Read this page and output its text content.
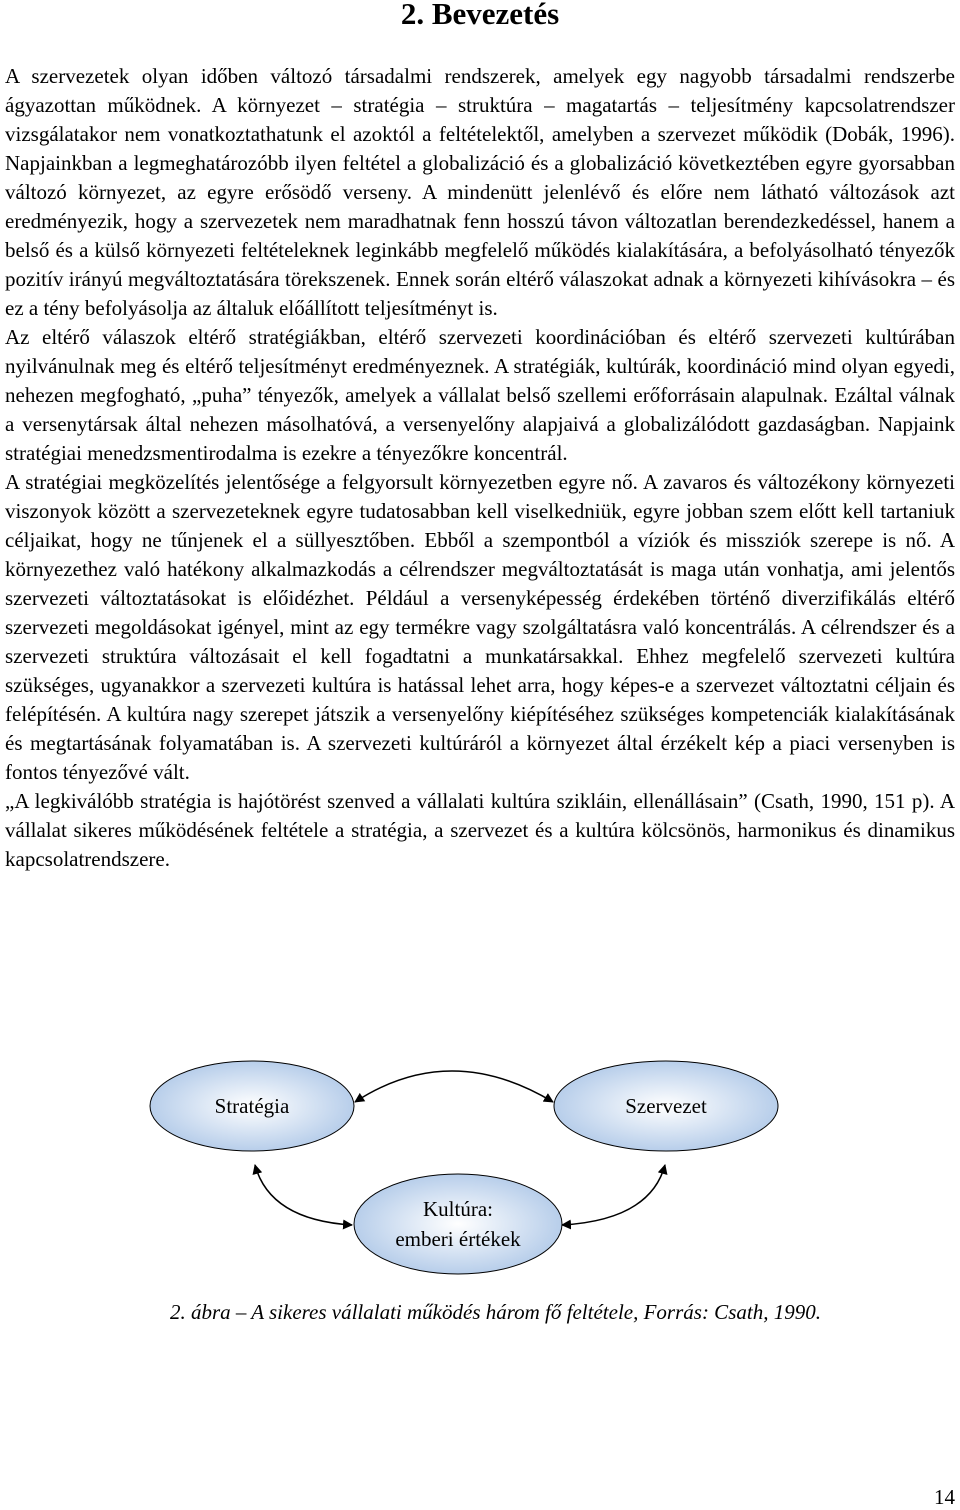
2. Bevezetés

A szervezetek olyan időben változó társadalmi rendszerek, amelyek egy nagyobb társadalmi rendszerbe ágyazottan működnek. A környezet – stratégia – struktúra – magatartás – teljesítmény kapcsolatrendszer vizsgálatakor nem vonatkoztathatunk el azoktól a feltételektől, amelyben a szervezet működik (Dobák, 1996). Napjainkban a legmeghatározóbb ilyen feltétel a globalizáció és a globalizáció következtében egyre gyorsabban változó környezet, az egyre erősödő verseny. A mindenütt jelenlévő és előre nem látható változások azt eredményezik, hogy a szervezetek nem maradhatnak fenn hosszú távon változatlan berendezkedéssel, hanem a belső és a külső környezeti feltételeknek leginkább megfelelő működés kialakítására, a befolyásolható tényezők pozitív irányú megváltoztatására törekszenek. Ennek során eltérő válaszokat adnak a környezeti kihívásokra – és ez a tény befolyásolja az általuk előállított teljesítményt is.

Az eltérő válaszok eltérő stratégiákban, eltérő szervezeti koordinációban és eltérő szervezeti kultúrában nyilvánulnak meg és eltérő teljesítményt eredményeznek. A stratégiák, kultúrák, koordináció mind olyan egyedi, nehezen megfogható, „puha” tényezők, amelyek a vállalat belső szellemi erőforrásain alapulnak. Ezáltal válnak a versenytársak által nehezen másolhatóvá, a versenyelőny alapjaivá a globalizálódott gazdaságban. Napjaink stratégiai menedzsmentirodalma is ezekre a tényezőkre koncentrál.

A stratégiai megközelítés jelentősége a felgyorsult környezetben egyre nő. A zavaros és változékony környezeti viszonyok között a szervezeteknek egyre tudatosabban kell viselkedniük, egyre jobban szem előtt kell tartaniuk céljaikat, hogy ne tűnjenek el a süllyesztőben. Ebből a szempontból a víziók és missziók szerepe is nő. A környezethez való hatékony alkalmazkodás a célrendszer megváltoztatását is maga után vonhatja, ami jelentős szervezeti változtatásokat is előidézhet. Például a versenyképesség érdekében történő diverzifikálás eltérő szervezeti megoldásokat igényel, mint az egy termékre vagy szolgáltatásra való koncentrálás. A célrendszer és a szervezeti struktúra változásait el kell fogadtatni a munkatársakkal. Ehhez megfelelő szervezeti kultúra szükséges, ugyanakkor a szervezeti kultúra is hatással lehet arra, hogy képes-e a szervezet változtatni céljain és felépítésén. A kultúra nagy szerepet játszik a versenyelőny kiépítéséhez szükséges kompetenciák kialakításának és megtartásának folyamatában is. A szervezeti kultúráról a környezet által érzékelt kép a piaci versenyben is fontos tényezővé vált.

„A legkiválóbb stratégia is hajótörést szenved a vállalati kultúra szikláin, ellenállásain” (Csath, 1990, 151 p). A vállalat sikeres működésének feltétele a stratégia, a szervezet és a kultúra kölcsönös, harmonikus és dinamikus kapcsolatrendszere.

Stratégia	Szervezet
Kultúra:
emberi értékek
2. ábra – A sikeres vállalati működés három fő feltétele, Forrás: Csath, 1990.
14
